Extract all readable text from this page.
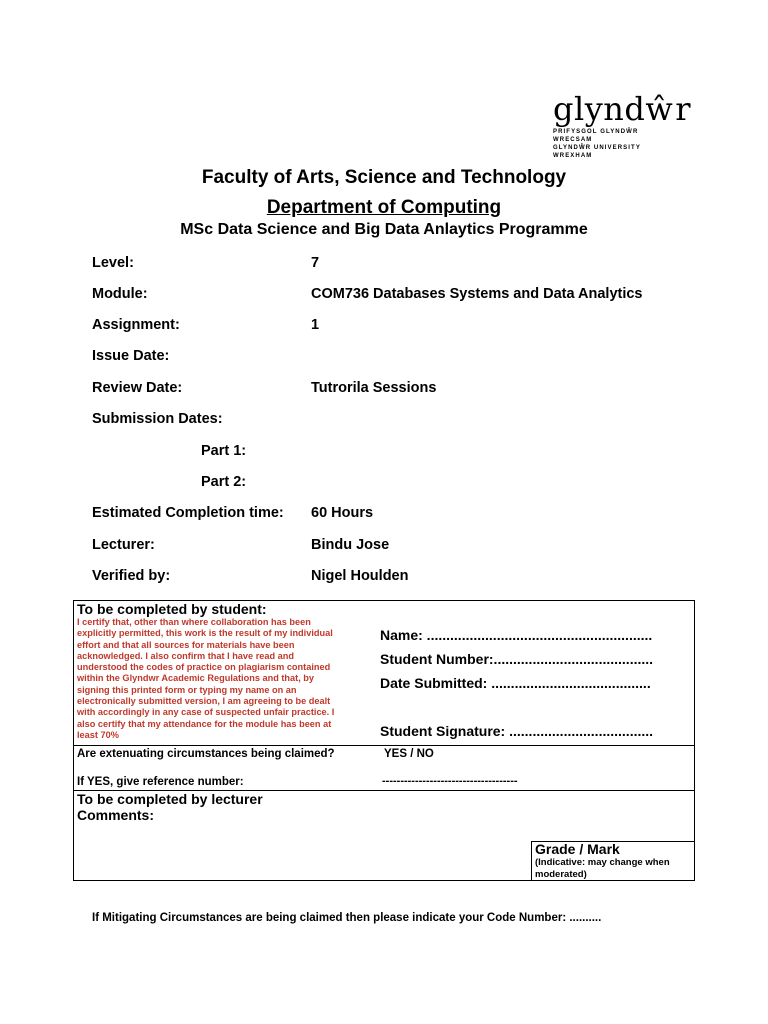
glyndŵr
PRIFYSGOL GLYNDŴR WRECSAM
GLYNDŴR UNIVERSITY WREXHAM
Faculty of Arts, Science and Technology
Department of Computing
MSc Data Science and Big Data Anlaytics Programme
Level:	7
Module:	COM736 Databases Systems and Data Analytics
Assignment:	1
Issue Date:
Review Date:	Tutrorila Sessions
Submission Dates:
Part 1:
Part 2:
Estimated Completion time: 60 Hours
Lecturer:	Bindu Jose
Verified by:	Nigel Houlden
To be completed by student:
I certify that, other than where collaboration has been
explicitly permitted, this work is the result of my individual
effort and that all sources for materials have been
acknowledged. I also confirm that I have read and
understood the codes of practice on plagiarism contained
within the Glyndwr Academic Regulations and that, by
signing this printed form or typing my name on an
electronically submitted version, I am agreeing to be dealt
with accordingly in any case of suspected unfair practice. I
also certify that my attendance for the module has been at
least 70%
Name: ..........................................................
Student Number:.........................................
Date Submitted: .........................................
Student Signature: .....................................
Are extenuating circumstances being claimed?	YES / NO
If YES, give reference number:	-------------------------------------
To be completed by lecturer
Comments:
Grade / Mark
(Indicative: may change when
moderated)
If Mitigating Circumstances are being claimed then please indicate your Code Number: ..........
